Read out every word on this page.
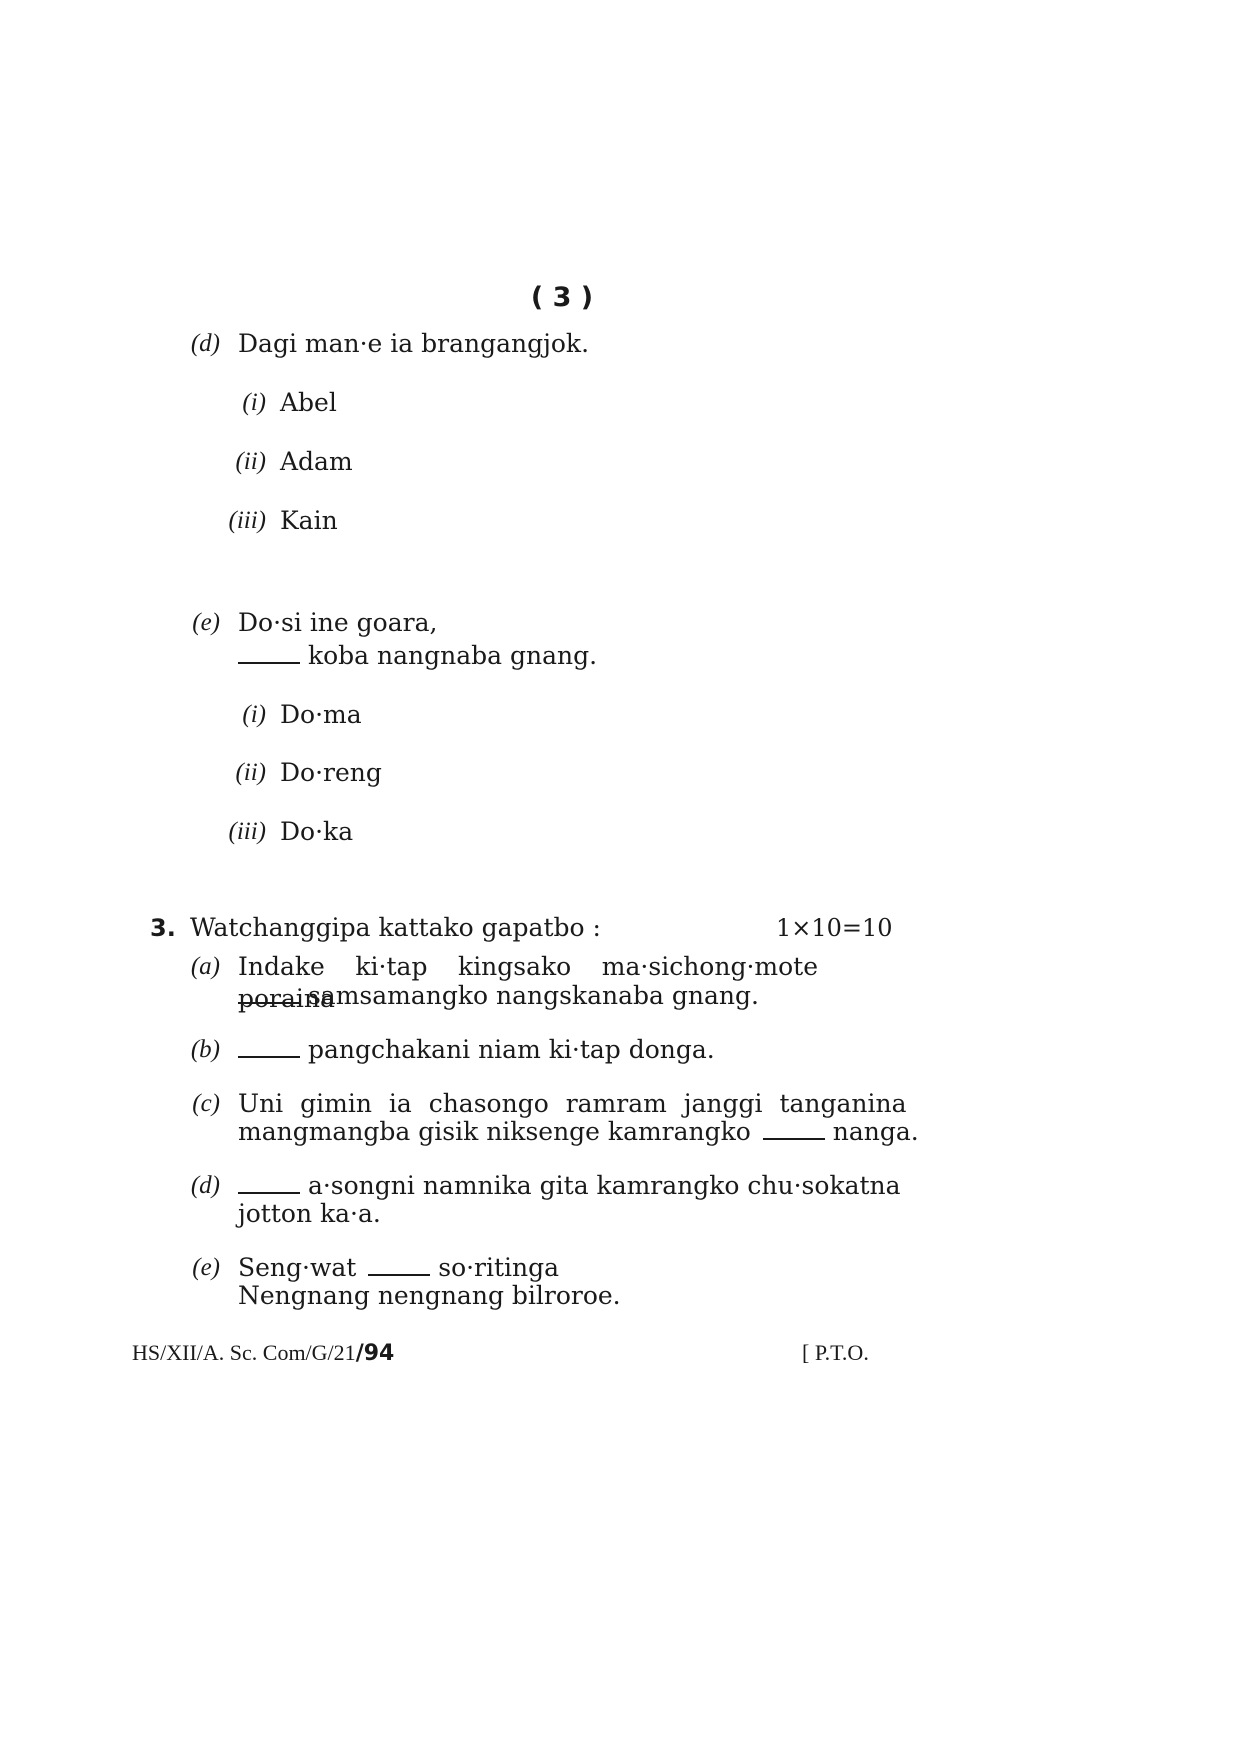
( 3 )
(d) Dagi man·e ia brangangjok.
(i) Abel
(ii) Adam
(iii) Kain
(e) Do·si ine goara,
koba nangnaba gnang.
(i) Do·ma
(ii) Do·reng
(iii) Do·ka
3. Watchanggipa kattako gapatbo :	1×10=10
(a) Indake ki·tap kingsako ma·sichong·mote poraina
samsamangko nangskanaba gnang.
(b)	pangchakani niam ki·tap donga.
(c) Uni gimin ia chasongo ramram janggi tanganina
mangmangba gisik niksenge kamrangko	nanga.
(d)	a·songni namnika gita kamrangko chu·sokatna
jotton ka·a.
(e) Seng·wat	so·ritinga
Nengnang nengnang bilroroe.
HS/XII/A. Sc. Com/G/21/94	[ P.T.O.
